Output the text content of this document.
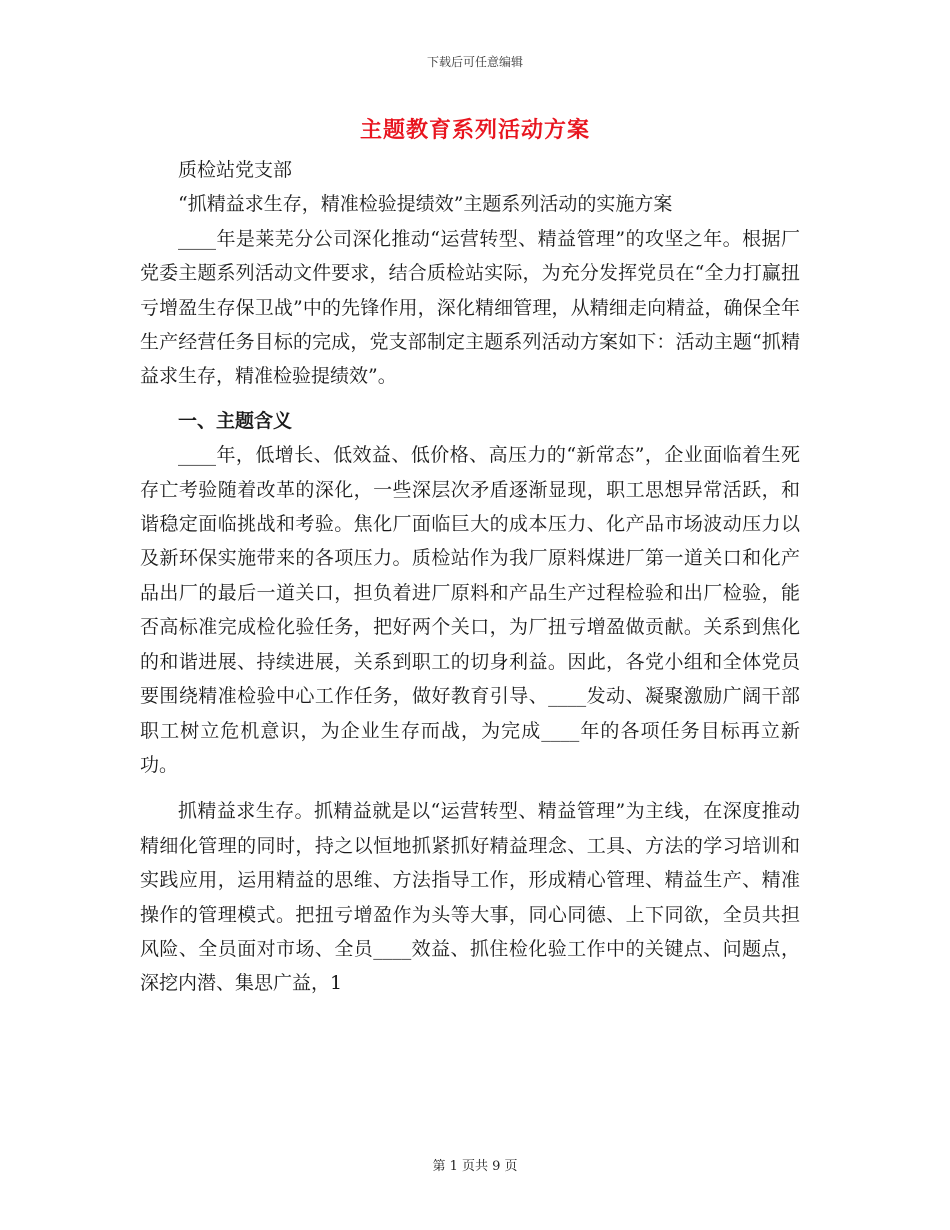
下载后可任意编辑
主题教育系列活动方案

质检站党支部

“抓精益求生存，精准检验提绩效”主题系列活动的实施方案

____年是莱芜分公司深化推动“运营转型、精益管理”的攻坚之年。根据厂党委主题系列活动文件要求，结合质检站实际，为充分发挥党员在“全力打赢扭亏增盈生存保卫战”中的先锋作用，深化精细管理，从精细走向精益，确保全年生产经营任务目标的完成，党支部制定主题系列活动方案如下：活动主题“抓精益求生存，精准检验提绩效”。

一、主题含义

____年，低增长、低效益、低价格、高压力的“新常态”，企业面临着生死存亡考验随着改革的深化，一些深层次矛盾逐渐显现，职工思想异常活跃，和谐稳定面临挑战和考验。焦化厂面临巨大的成本压力、化产品市场波动压力以及新环保实施带来的各项压力。质检站作为我厂原料煤进厂第一道关口和化产品出厂的最后一道关口，担负着进厂原料和产品生产过程检验和出厂检验，能否高标准完成检化验任务，把好两个关口，为厂扭亏增盈做贡献。关系到焦化的和谐进展、持续进展，关系到职工的切身利益。因此，各党小组和全体党员要围绕精准检验中心工作任务，做好教育引导、____发动、凝聚激励广阔干部职工树立危机意识，为企业生存而战，为完成____年的各项任务目标再立新功。

抓精益求生存。抓精益就是以“运营转型、精益管理”为主线，在深度推动精细化管理的同时，持之以恒地抓紧抓好精益理念、工具、方法的学习培训和实践应用，运用精益的思维、方法指导工作，形成精心管理、精益生产、精准操作的管理模式。把扭亏增盈作为头等大事，同心同德、上下同欲，全员共担风险、全员面对市场、全员____效益、抓住检化验工作中的关键点、问题点，深挖内潜、集思广益，1

第 1 页共 9 页
